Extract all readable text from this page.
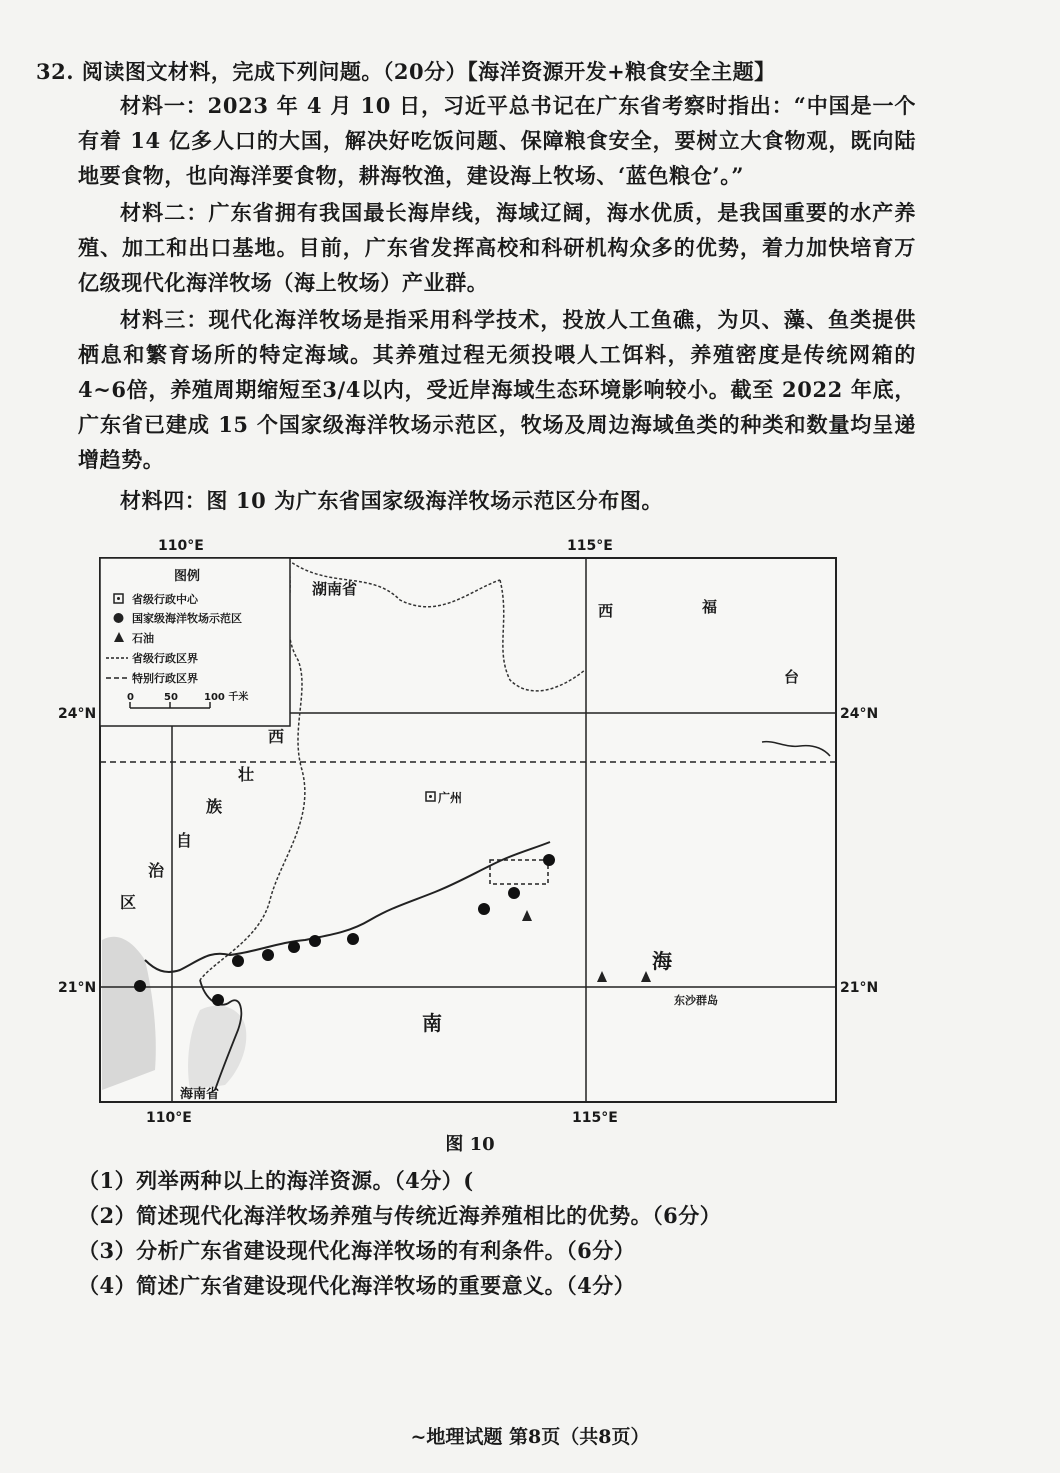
32. 阅读图文材料，完成下列问题。（20分）【海洋资源开发+粮食安全主题】
材料一：2023 年 4 月 10 日，习近平总书记在广东省考察时指出：“中国是一个有着 14 亿多人口的大国，解决好吃饭问题、保障粮食安全，要树立大食物观，既向陆地要食物，也向海洋要食物，耕海牧渔，建设海上牧场、‘蓝色粮仓’。”
材料二：广东省拥有我国最长海岸线，海域辽阔，海水优质，是我国重要的水产养殖、加工和出口基地。目前，广东省发挥高校和科研机构众多的优势，着力加快培育万亿级现代化海洋牧场（海上牧场）产业群。
材料三：现代化海洋牧场是指采用科学技术，投放人工鱼礁，为贝、藻、鱼类提供栖息和繁育场所的特定海域。其养殖过程无须投喂人工饵料，养殖密度是传统网箱的4~6倍，养殖周期缩短至3/4以内，受近岸海域生态环境影响较小。截至 2022 年底，广东省已建成 15 个国家级海洋牧场示范区，牧场及周边海域鱼类的种类和数量均呈递增趋势。
材料四：图 10 为广东省国家级海洋牧场示范区分布图。
110°E	115°E
24°N	24°N
21°N	21°N
110°E	115°E
图例
省级行政中心
国家级海洋牧场示范区
石油
省级行政区界
特别行政区界
0	50	100 千米
湖南省
西	福
台
西
壮
族
自
治
区
广州
海
南
东沙群岛
海南省
图 10
（1）列举两种以上的海洋资源。（4分）(
（2）简述现代化海洋牧场养殖与传统近海养殖相比的优势。（6分）
（3）分析广东省建设现代化海洋牧场的有利条件。（6分）
（4）简述广东省建设现代化海洋牧场的重要意义。（4分）
~地理试题 第8页（共8页）
